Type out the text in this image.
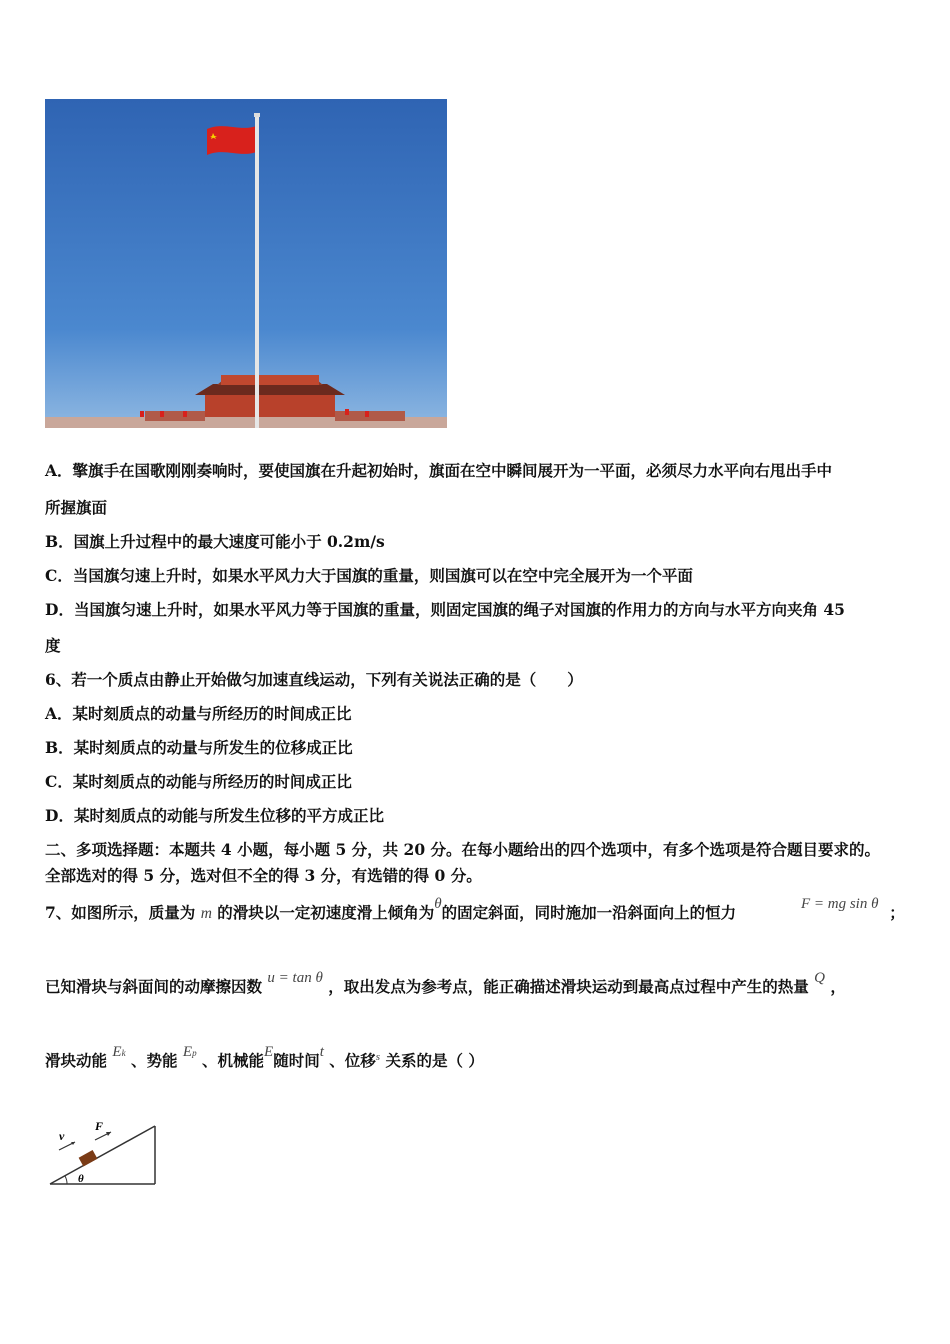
A．擎旗手在国歌刚刚奏响时，要使国旗在升起初始时，旗面在空中瞬间展开为一平面，必须尽力水平向右甩出手中
所握旗面
B．国旗上升过程中的最大速度可能小于 0.2m/s
C．当国旗匀速上升时，如果水平风力大于国旗的重量，则国旗可以在空中完全展开为一个平面
D．当国旗匀速上升时，如果水平风力等于国旗的重量，则固定国旗的绳子对国旗的作用力的方向与水平方向夹角 45
度
6、若一个质点由静止开始做匀加速直线运动，下列有关说法正确的是（　　）
A．某时刻质点的动量与所经历的时间成正比
B．某时刻质点的动量与所发生的位移成正比
C．某时刻质点的动能与所经历的时间成正比
D．某时刻质点的动能与所发生位移的平方成正比
二、多项选择题：本题共 4 小题，每小题 5 分，共 20 分。在每小题给出的四个选项中，有多个选项是符合题目要求的。
全部选对的得 5 分，选对但不全的得 3 分，有选错的得 0 分。
7、如图所示，质量为 m 的滑块以一定初速度滑上倾角为θ的固定斜面，同时施加一沿斜面向上的恒力	F = mg sin θ ；
已知滑块与斜面间的动摩擦因数 u = tan θ ，取出发点为参考点，能正确描述滑块运动到最高点过程中产生的热量 Q ，
滑块动能 Ek 、势能 Ep 、机械能E随时间t 、位移$^s$ 关系的是（ ）
v
F
θ
